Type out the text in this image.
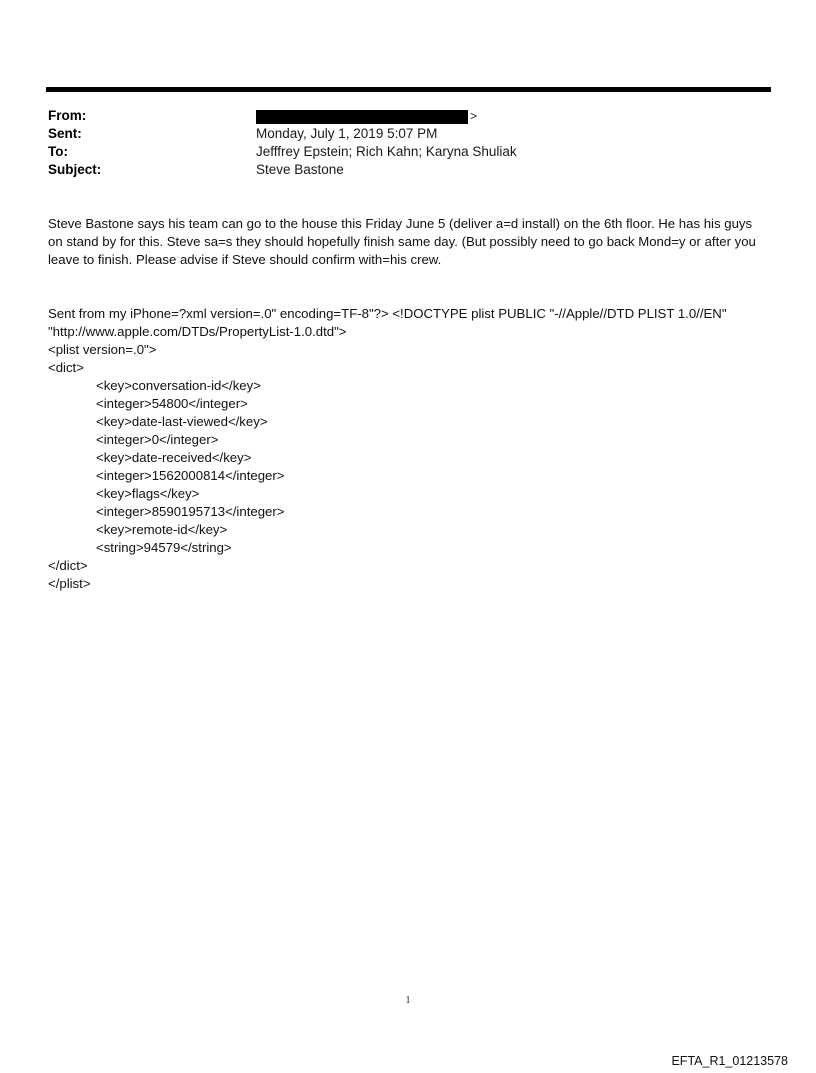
From:	>
Sent:	Monday, July 1, 2019 5:07 PM
To:	Jefffrey Epstein; Rich Kahn; Karyna Shuliak
Subject:	Steve Bastone

Steve Bastone says his team can go to the house this Friday June 5 (deliver a=d install) on the 6th floor. He has his guys on stand by for this. Steve sa=s they should hopefully finish same day. (But possibly need to go back Mond=y or after you leave to finish. Please advise if Steve should confirm with=his crew.

Sent from my iPhone=?xml version=.0" encoding=TF-8"?> <!DOCTYPE plist PUBLIC "-//Apple//DTD PLIST 1.0//EN"
"http://www.apple.com/DTDs/PropertyList-1.0.dtd">
<plist version=.0">
<dict>
<key>conversation-id</key>
<integer>54800</integer>
<key>date-last-viewed</key>
<integer>0</integer>
<key>date-received</key>
<integer>1562000814</integer>
<key>flags</key>
<integer>8590195713</integer>
<key>remote-id</key>
<string>94579</string>
</dict>
</plist>
1
EFTA_R1_01213578
